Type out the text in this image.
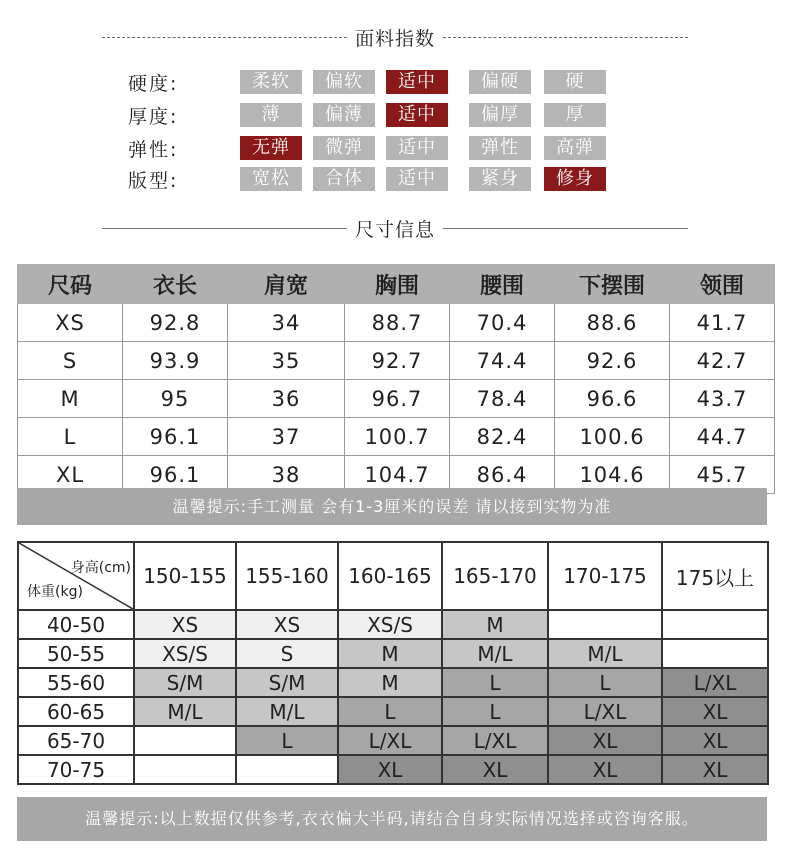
面料指数
硬度:	柔软	偏软	适中	偏硬	硬
厚度:	薄	偏薄	适中	偏厚	厚
弹性:	无弹	微弹	适中	弹性	高弹
版型:	宽松	合体	适中	紧身	修身
尺寸信息
尺码	衣长	肩宽	胸围	腰围	下摆围	领围
XS	92.8	34	88.7	70.4	88.6	41.7
S	93.9	35	92.7	74.4	92.6	42.7
M	95	36	96.7	78.4	96.6	43.7
L	96.1	37	100.7	82.4	100.6	44.7
XL	96.1	38	104.7	86.4	104.6	45.7
温馨提示:手工测量 会有1-3厘米的误差 请以接到实物为准
身高(cm)
体重(kg)	150-155	155-160	160-165	165-170	170-175	175以上
40-50	XS	XS	XS/S	M		
50-55	XS/S	S	M	M/L	M/L	
55-60	S/M	S/M	M	L	L	L/XL
60-65	M/L	M/L	L	L	L/XL	XL
65-70		L	L/XL	L/XL	XL	XL
70-75			XL	XL	XL	XL
温馨提示:以上数据仅供参考,衣衣偏大半码,请结合自身实际情况选择或咨询客服。
